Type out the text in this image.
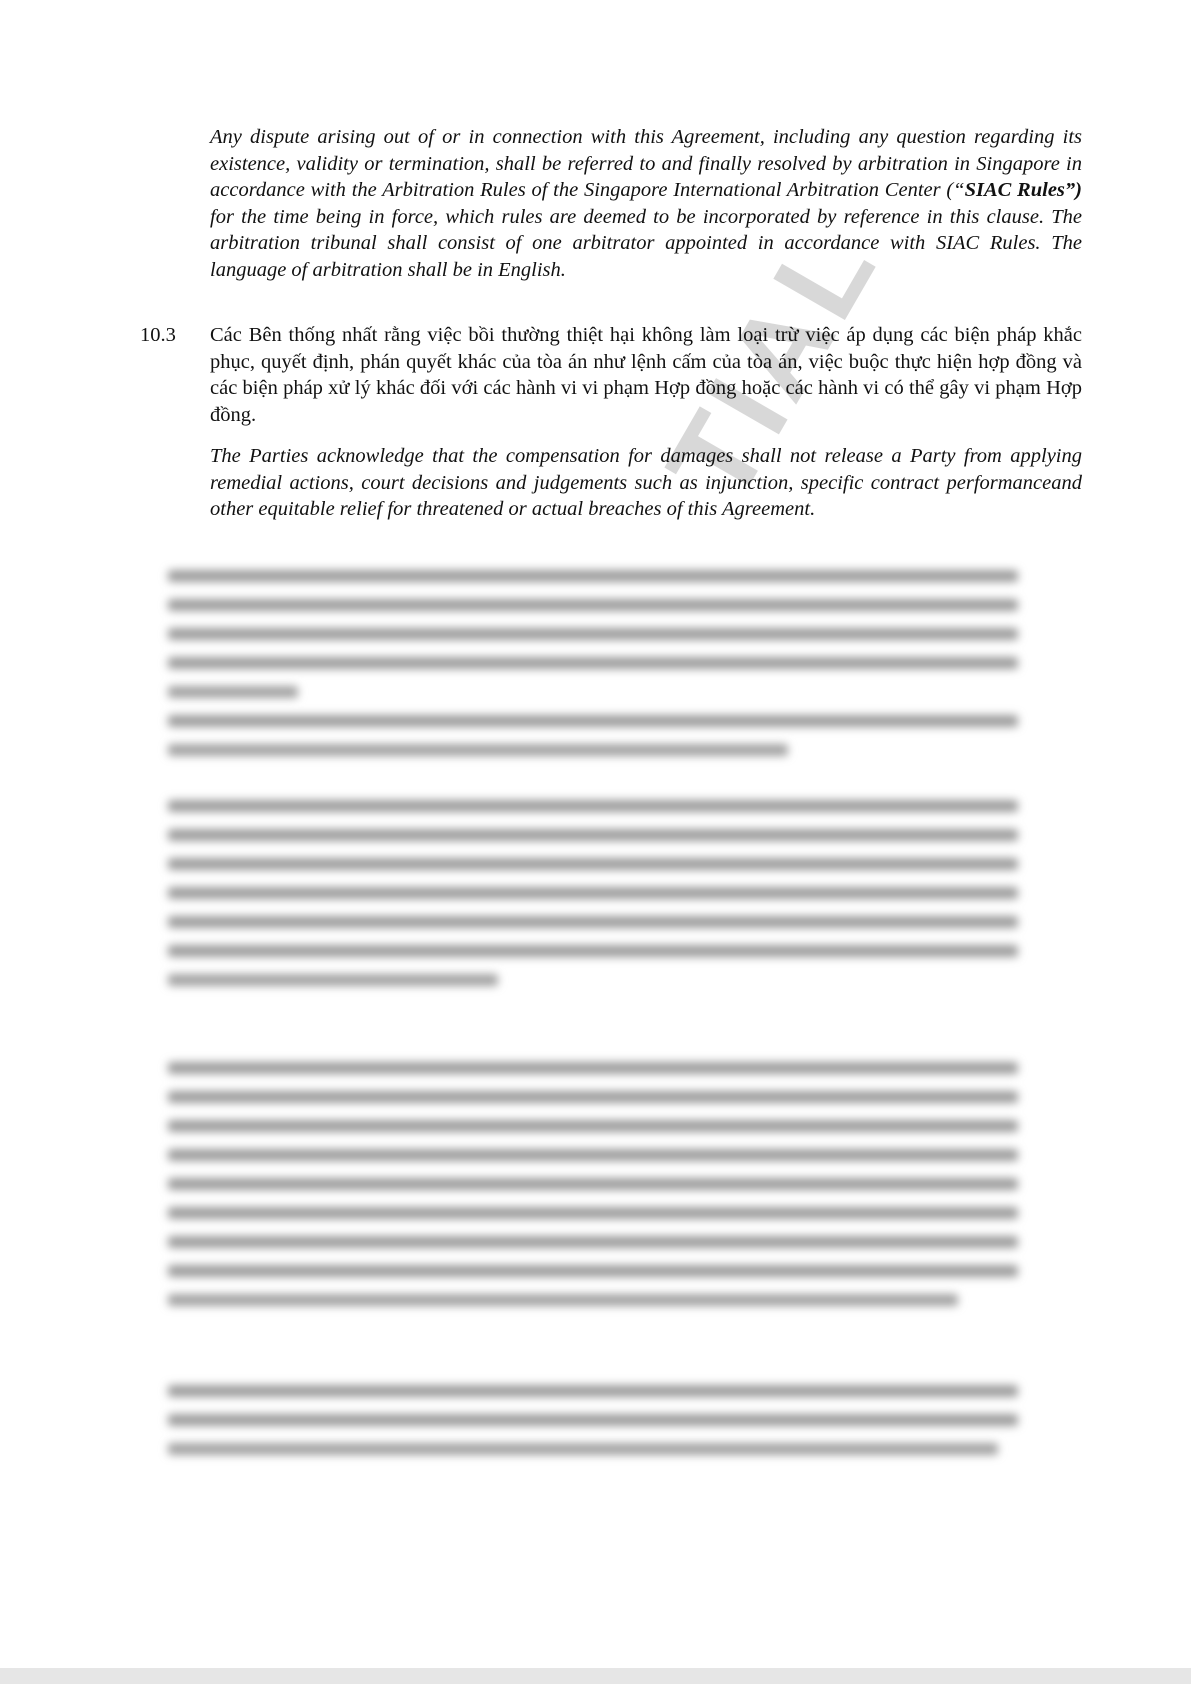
TIAL
Any dispute arising out of or in connection with this Agreement, including any question regarding its existence, validity or termination, shall be referred to and finally resolved by arbitration in Singapore in accordance with the Arbitration Rules of the Singapore International Arbitration Center (“SIAC Rules”) for the time being in force, which rules are deemed to be incorporated by reference in this clause. The arbitration tribunal shall consist of one arbitrator appointed in accordance with SIAC Rules. The language of arbitration shall be in English.
10.3 Các Bên thống nhất rằng việc bồi thường thiệt hại không làm loại trừ việc áp dụng các biện pháp khắc phục, quyết định, phán quyết khác của tòa án như lệnh cấm của tòa án, việc buộc thực hiện hợp đồng và các biện pháp xử lý khác đối với các hành vi vi phạm Hợp đồng hoặc các hành vi có thể gây vi phạm Hợp đồng.
The Parties acknowledge that the compensation for damages shall not release a Party from applying remedial actions, court decisions and judgements such as injunction, specific contract performanceand other equitable relief for threatened or actual breaches of this Agreement.
